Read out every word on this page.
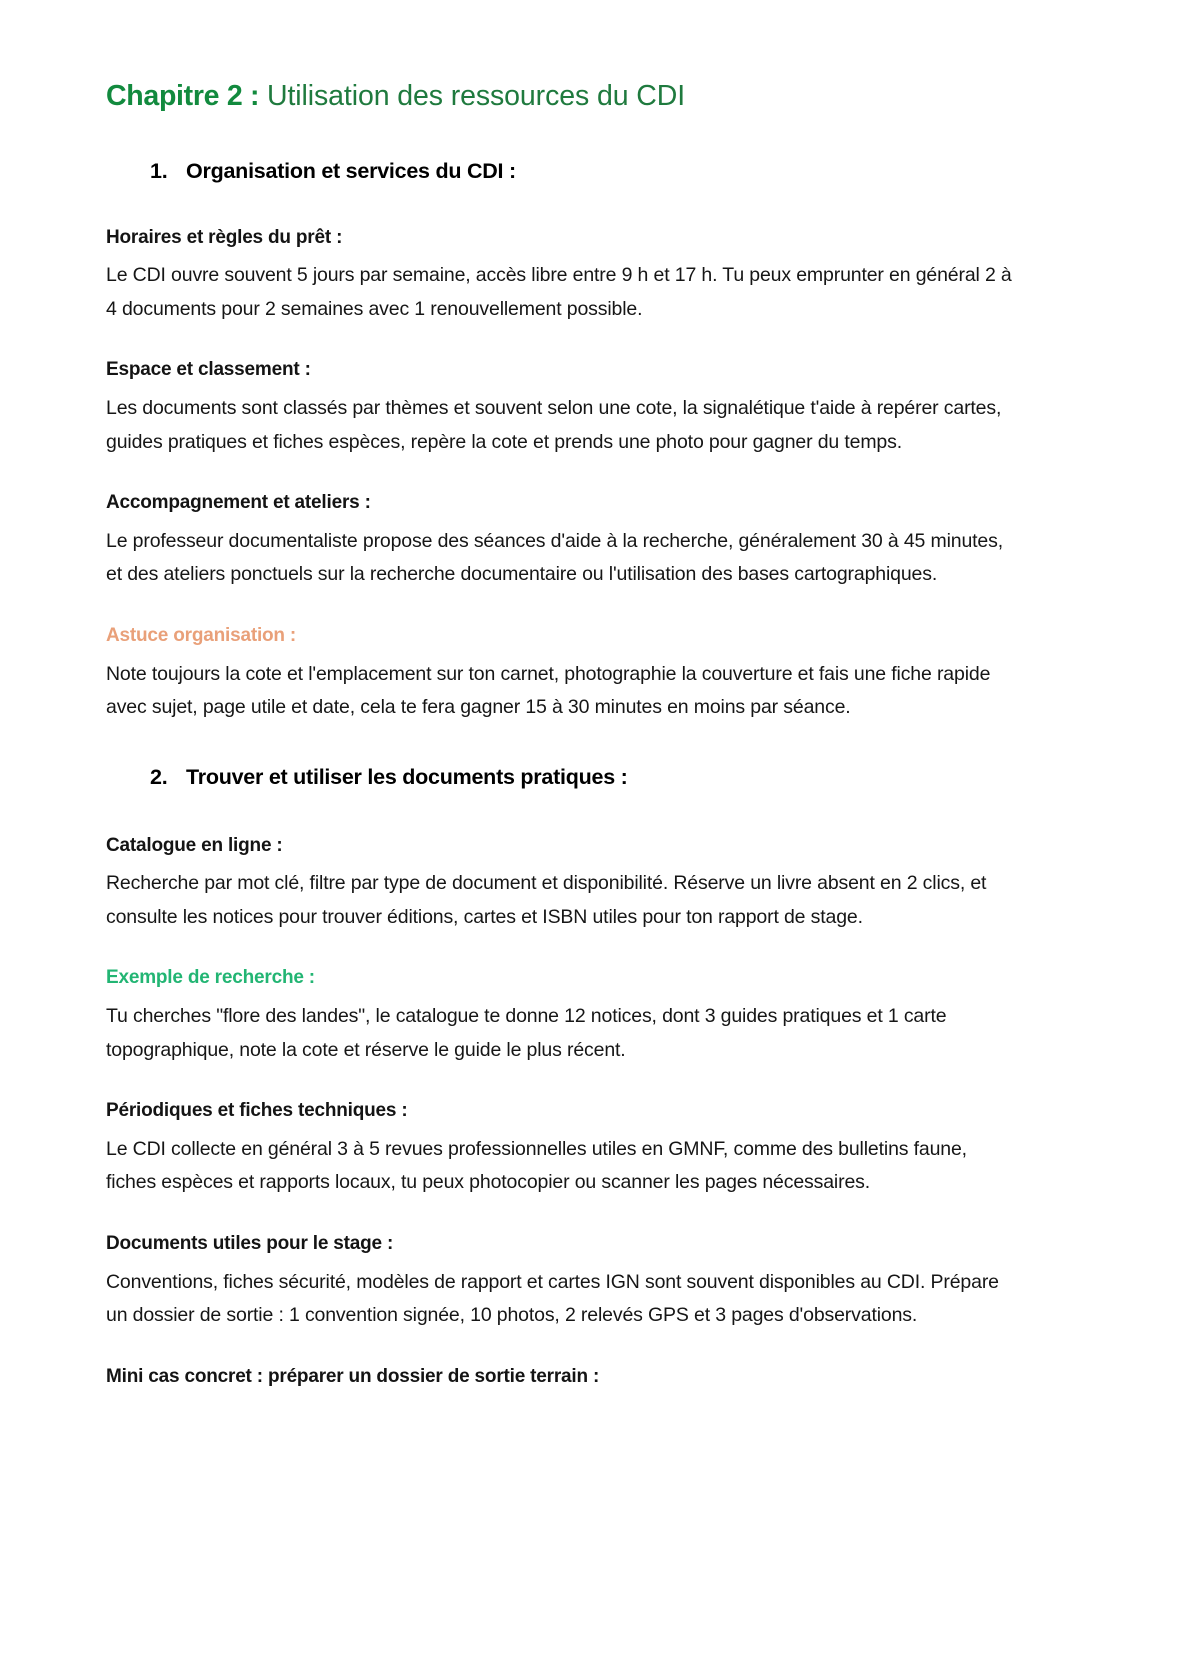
Chapitre 2 : Utilisation des ressources du CDI
1. Organisation et services du CDI :
Horaires et règles du prêt :

Le CDI ouvre souvent 5 jours par semaine, accès libre entre 9 h et 17 h. Tu peux emprunter en général 2 à 4 documents pour 2 semaines avec 1 renouvellement possible.

Espace et classement :

Les documents sont classés par thèmes et souvent selon une cote, la signalétique t'aide à repérer cartes, guides pratiques et fiches espèces, repère la cote et prends une photo pour gagner du temps.

Accompagnement et ateliers :

Le professeur documentaliste propose des séances d'aide à la recherche, généralement 30 à 45 minutes, et des ateliers ponctuels sur la recherche documentaire ou l'utilisation des bases cartographiques.

Astuce organisation :

Note toujours la cote et l'emplacement sur ton carnet, photographie la couverture et fais une fiche rapide avec sujet, page utile et date, cela te fera gagner 15 à 30 minutes en moins par séance.

2. Trouver et utiliser les documents pratiques :
Catalogue en ligne :

Recherche par mot clé, filtre par type de document et disponibilité. Réserve un livre absent en 2 clics, et consulte les notices pour trouver éditions, cartes et ISBN utiles pour ton rapport de stage.

Exemple de recherche :

Tu cherches "flore des landes", le catalogue te donne 12 notices, dont 3 guides pratiques et 1 carte topographique, note la cote et réserve le guide le plus récent.

Périodiques et fiches techniques :

Le CDI collecte en général 3 à 5 revues professionnelles utiles en GMNF, comme des bulletins faune, fiches espèces et rapports locaux, tu peux photocopier ou scanner les pages nécessaires.

Documents utiles pour le stage :

Conventions, fiches sécurité, modèles de rapport et cartes IGN sont souvent disponibles au CDI. Prépare un dossier de sortie : 1 convention signée, 10 photos, 2 relevés GPS et 3 pages d'observations.

Mini cas concret : préparer un dossier de sortie terrain :
